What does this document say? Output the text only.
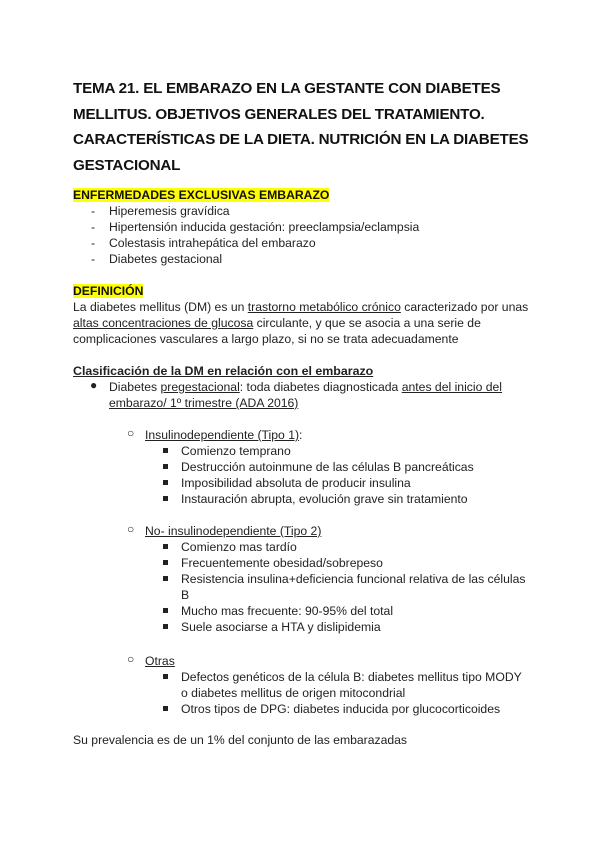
TEMA 21. EL EMBARAZO EN LA GESTANTE CON DIABETES
MELLITUS. OBJETIVOS GENERALES DEL TRATAMIENTO.
CARACTERÍSTICAS DE LA DIETA. NUTRICIÓN EN LA DIABETES
GESTACIONAL
ENFERMEDADES EXCLUSIVAS EMBARAZO
- Hiperemesis gravídica
- Hipertensión inducida gestación: preeclampsia/eclampsia
- Colestasis intrahepática del embarazo
- Diabetes gestacional
DEFINICIÓN

La diabetes mellitus (DM) es un trastorno metabólico crónico caracterizado por unas

altas concentraciones de glucosa circulante, y que se asocia a una serie de

complicaciones vasculares a largo plazo, si no se trata adecuadamente

Clasificación de la DM en relación con el embarazo
● Diabetes pregestacional: toda diabetes diagnosticada antes del inicio del
embarazo/ 1º trimestre (ADA 2016)
○ Insulinodependiente (Tipo 1):
Comienzo temprano
Destrucción autoinmune de las células B pancreáticas
Imposibilidad absoluta de producir insulina
Instauración abrupta, evolución grave sin tratamiento
○ No- insulinodependiente (Tipo 2)
Comienzo mas tardío
Frecuentemente obesidad/sobrepeso
Resistencia insulina+deficiencia funcional relativa de las células
B
Mucho mas frecuente: 90-95% del total
Suele asociarse a HTA y dislipidemia
○ Otras
Defectos genéticos de la célula B: diabetes mellitus tipo MODY
o diabetes mellitus de origen mitocondrial
Otros tipos de DPG: diabetes inducida por glucocorticoides
Su prevalencia es de un 1% del conjunto de las embarazadas
